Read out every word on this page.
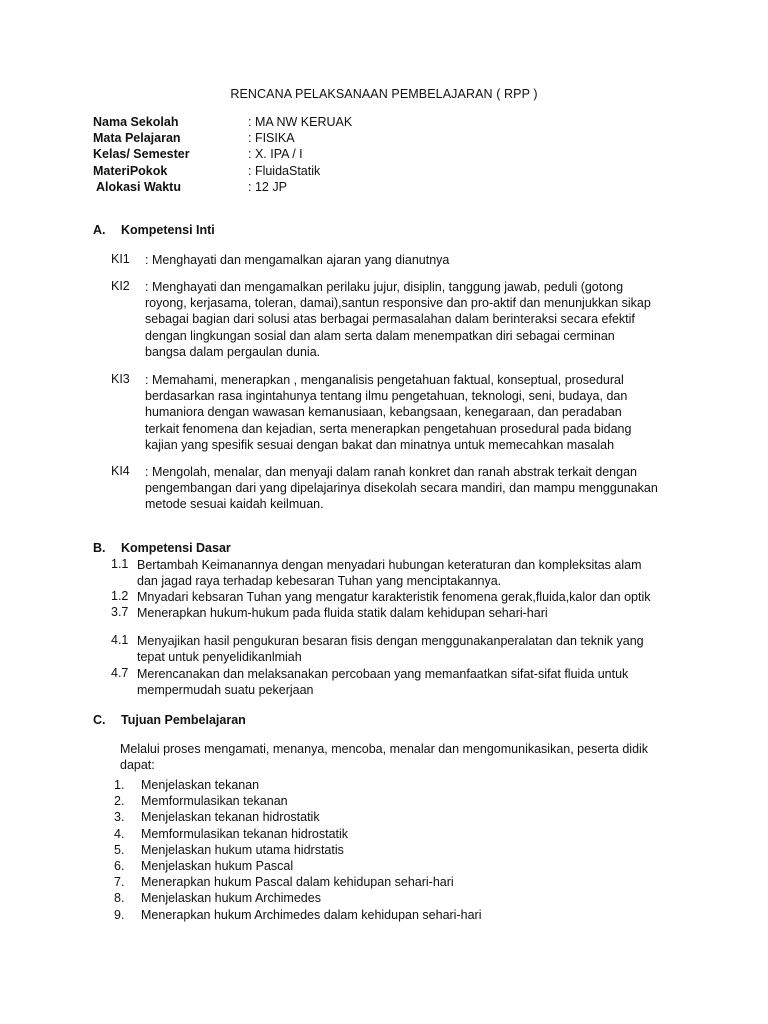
RENCANA PELAKSANAAN PEMBELAJARAN ( RPP )
Nama Sekolah	: MA NW KERUAK
Mata Pelajaran	: FISIKA
Kelas/ Semester	: X. IPA / I
MateriPokok	: FluidaStatik
Alokasi Waktu	: 12 JP
A. Kompetensi Inti
KI1 : Menghayati dan mengamalkan ajaran yang dianutnya
KI2 : Menghayati dan mengamalkan perilaku jujur, disiplin, tanggung jawab, peduli (gotong
royong, kerjasama, toleran, damai),santun responsive dan pro-aktif dan menunjukkan sikap
sebagai bagian dari solusi atas berbagai permasalahan dalam berinteraksi secara efektif
dengan lingkungan sosial dan alam serta dalam menempatkan diri sebagai cerminan
bangsa dalam pergaulan dunia.
KI3 : Memahami, menerapkan , menganalisis pengetahuan faktual, konseptual, prosedural
berdasarkan rasa ingintahunya tentang ilmu pengetahuan, teknologi, seni, budaya, dan
humaniora dengan wawasan kemanusiaan, kebangsaan, kenegaraan, dan peradaban
terkait fenomena dan kejadian, serta menerapkan pengetahuan prosedural pada bidang
kajian yang spesifik sesuai dengan bakat dan minatnya untuk memecahkan masalah
KI4 : Mengolah, menalar, dan menyaji dalam ranah konkret dan ranah abstrak terkait dengan
pengembangan dari yang dipelajarinya disekolah secara mandiri, dan mampu menggunakan
metode sesuai kaidah keilmuan.
B. Kompetensi Dasar
1.1 Bertambah Keimanannya dengan menyadari hubungan keteraturan dan kompleksitas alam
dan jagad raya terhadap kebesaran Tuhan yang menciptakannya.
1.2 Mnyadari kebsaran Tuhan yang mengatur karakteristik fenomena gerak,fluida,kalor dan optik
3.7 Menerapkan hukum-hukum pada fluida statik dalam kehidupan sehari-hari
4.1 Menyajikan hasil pengukuran besaran fisis dengan menggunakanperalatan dan teknik yang
tepat untuk penyelidikanlmiah
4.7 Merencanakan dan melaksanakan percobaan yang memanfaatkan sifat-sifat fluida untuk
mempermudah suatu pekerjaan
C. Tujuan Pembelajaran
Melalui proses mengamati, menanya, mencoba, menalar dan mengomunikasikan, peserta didik
dapat:
1. Menjelaskan tekanan
2. Memformulasikan tekanan
3. Menjelaskan tekanan hidrostatik
4. Memformulasikan tekanan hidrostatik
5. Menjelaskan hukum utama hidrstatis
6. Menjelaskan hukum Pascal
7. Menerapkan hukum Pascal dalam kehidupan sehari-hari
8. Menjelaskan hukum Archimedes
9. Menerapkan hukum Archimedes dalam kehidupan sehari-hari
